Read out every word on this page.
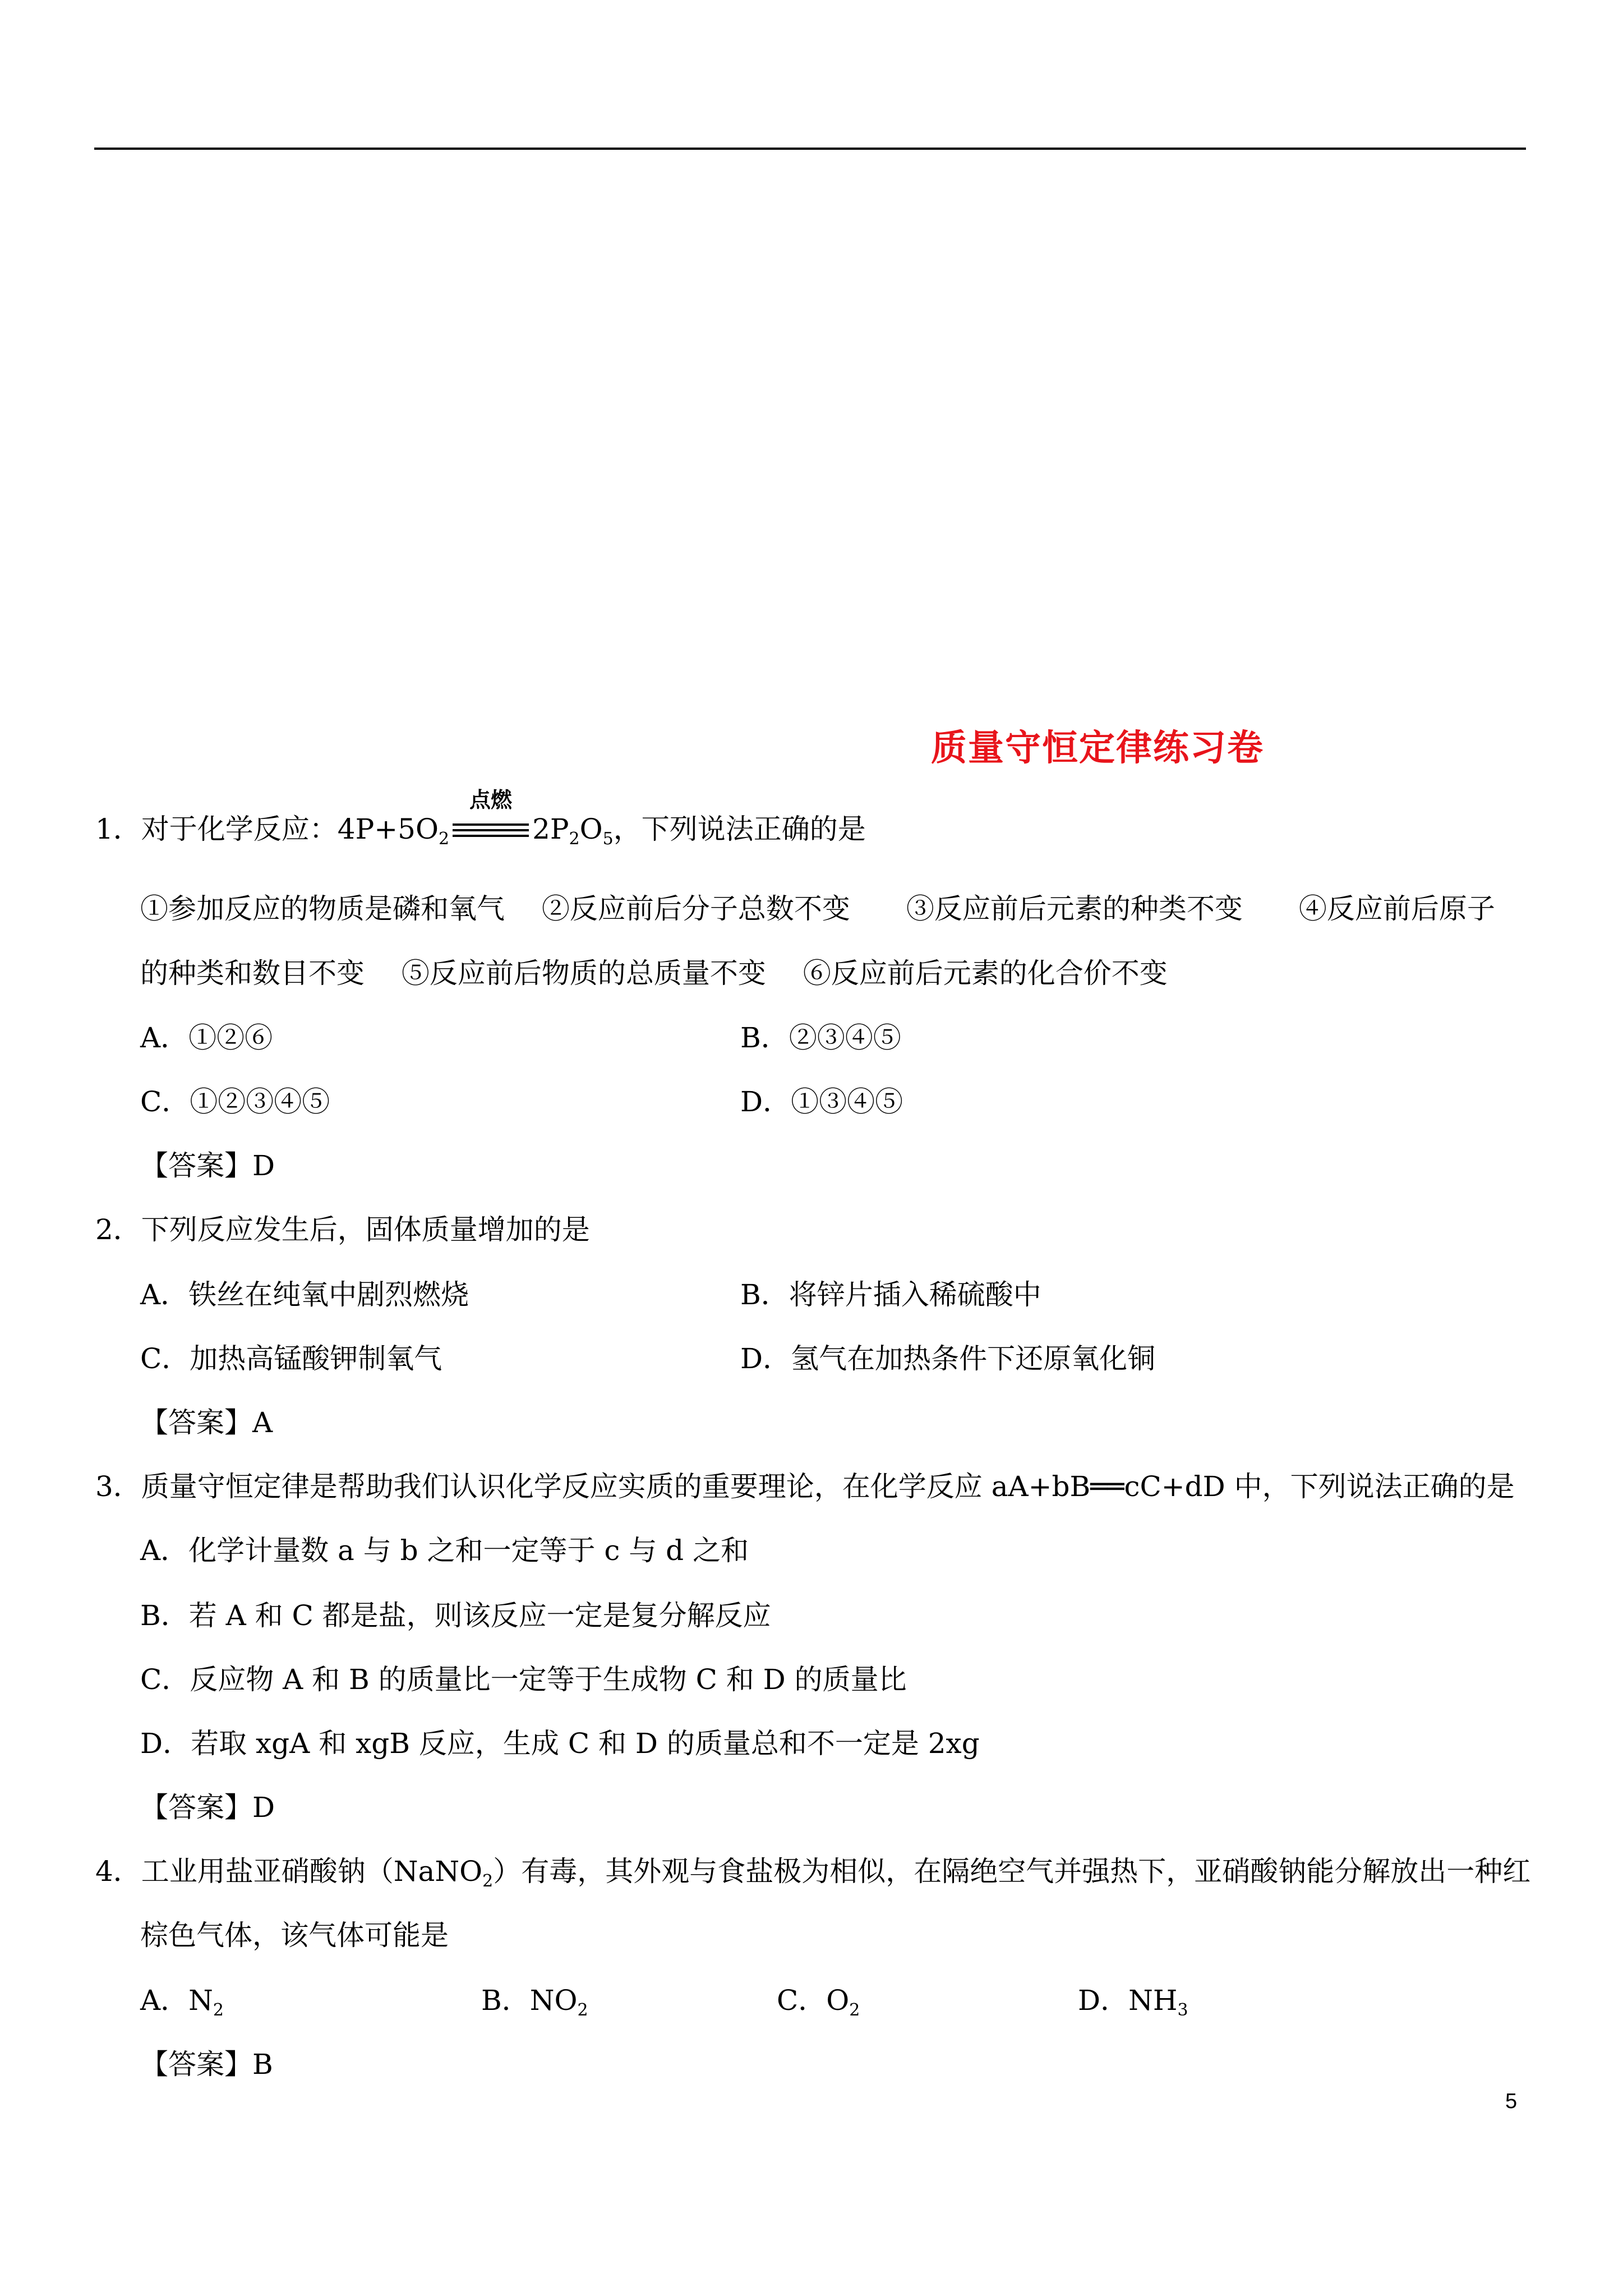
质量守恒定律练习卷
1．对于化学反应：$4P+5O_2$
点燃
$2P_2O_5$，下列说法正确的是
①参加反应的物质是磷和氧气　 ②反应前后分子总数不变　　③反应前后元素的种类不变　　④反应前后原子
的种类和数目不变　 ⑤反应前后物质的总质量不变　 ⑥反应前后元素的化合价不变
A．①②⑥	B．②③④⑤
C．①②③④⑤	D．①③④⑤
【答案】D
2．下列反应发生后，固体质量增加的是
A．铁丝在纯氧中剧烈燃烧	B．将锌片插入稀硫酸中
C．加热高锰酸钾制氧气	D．氢气在加热条件下还原氧化铜
【答案】A
3．质量守恒定律是帮助我们认识化学反应实质的重要理论，在化学反应 aA+bB══cC+dD 中，下列说法正确的是
A．化学计量数 a 与 b 之和一定等于 c 与 d 之和
B．若 A 和 C 都是盐，则该反应一定是复分解反应
C．反应物 A 和 B 的质量比一定等于生成物 C 和 D 的质量比
D．若取 xgA 和 xgB 反应，生成 C 和 D 的质量总和不一定是 2xg
【答案】D
4．工业用盐亚硝酸钠（NaNO$_2$）有毒，其外观与食盐极为相似，在隔绝空气并强热下，亚硝酸钠能分解放出一种红
棕色气体，该气体可能是
A．$N_2$	B．$NO_2$	C．$O_2$	D．$NH_3$
【答案】B
5
